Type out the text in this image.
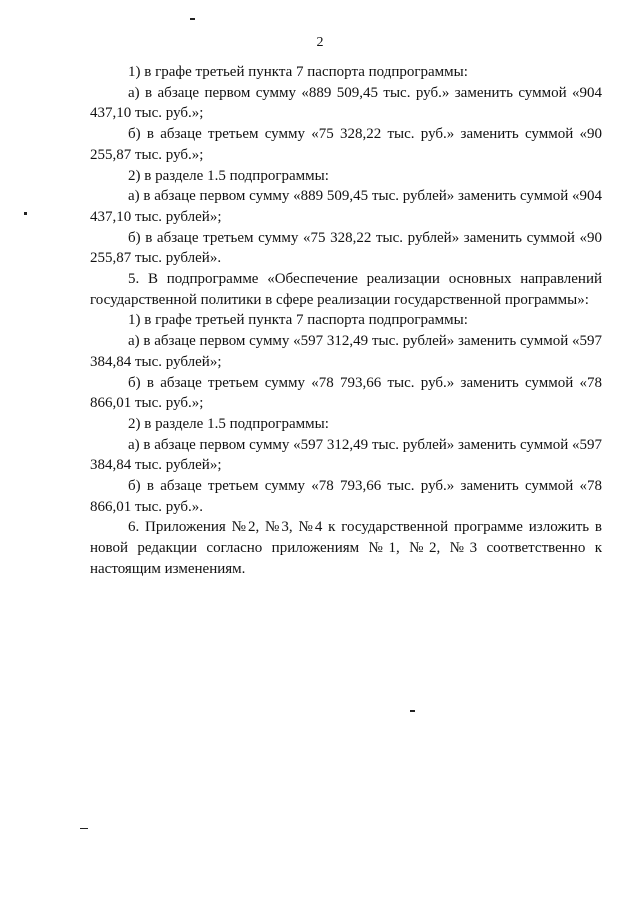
2

1) в графе третьей пункта 7 паспорта подпрограммы:

а) в абзаце первом сумму «889 509,45 тыс. руб.» заменить суммой «904 437,10 тыс. руб.»;

б) в абзаце третьем сумму «75 328,22 тыс. руб.» заменить суммой «90 255,87 тыс. руб.»;

2) в разделе 1.5 подпрограммы:

а) в абзаце первом сумму «889 509,45 тыс. рублей» заменить суммой «904 437,10 тыс. рублей»;

б) в абзаце третьем сумму «75 328,22 тыс. рублей» заменить суммой «90 255,87 тыс. рублей».

5. В подпрограмме «Обеспечение реализации основных направлений государственной политики в сфере реализации государственной программы»:

1) в графе третьей пункта 7 паспорта подпрограммы:

а) в абзаце первом сумму «597 312,49 тыс. рублей» заменить суммой «597 384,84 тыс. рублей»;

б) в абзаце третьем сумму «78 793,66 тыс. руб.» заменить суммой «78 866,01 тыс. руб.»;

2) в разделе 1.5 подпрограммы:

а) в абзаце первом сумму «597 312,49 тыс. рублей» заменить суммой «597 384,84 тыс. рублей»;

б) в абзаце третьем сумму «78 793,66 тыс. руб.» заменить суммой «78 866,01 тыс. руб.».

6. Приложения №2, №3, №4 к государственной программе изложить в новой редакции согласно приложениям №1, №2, №3 соответственно к настоящим изменениям.
